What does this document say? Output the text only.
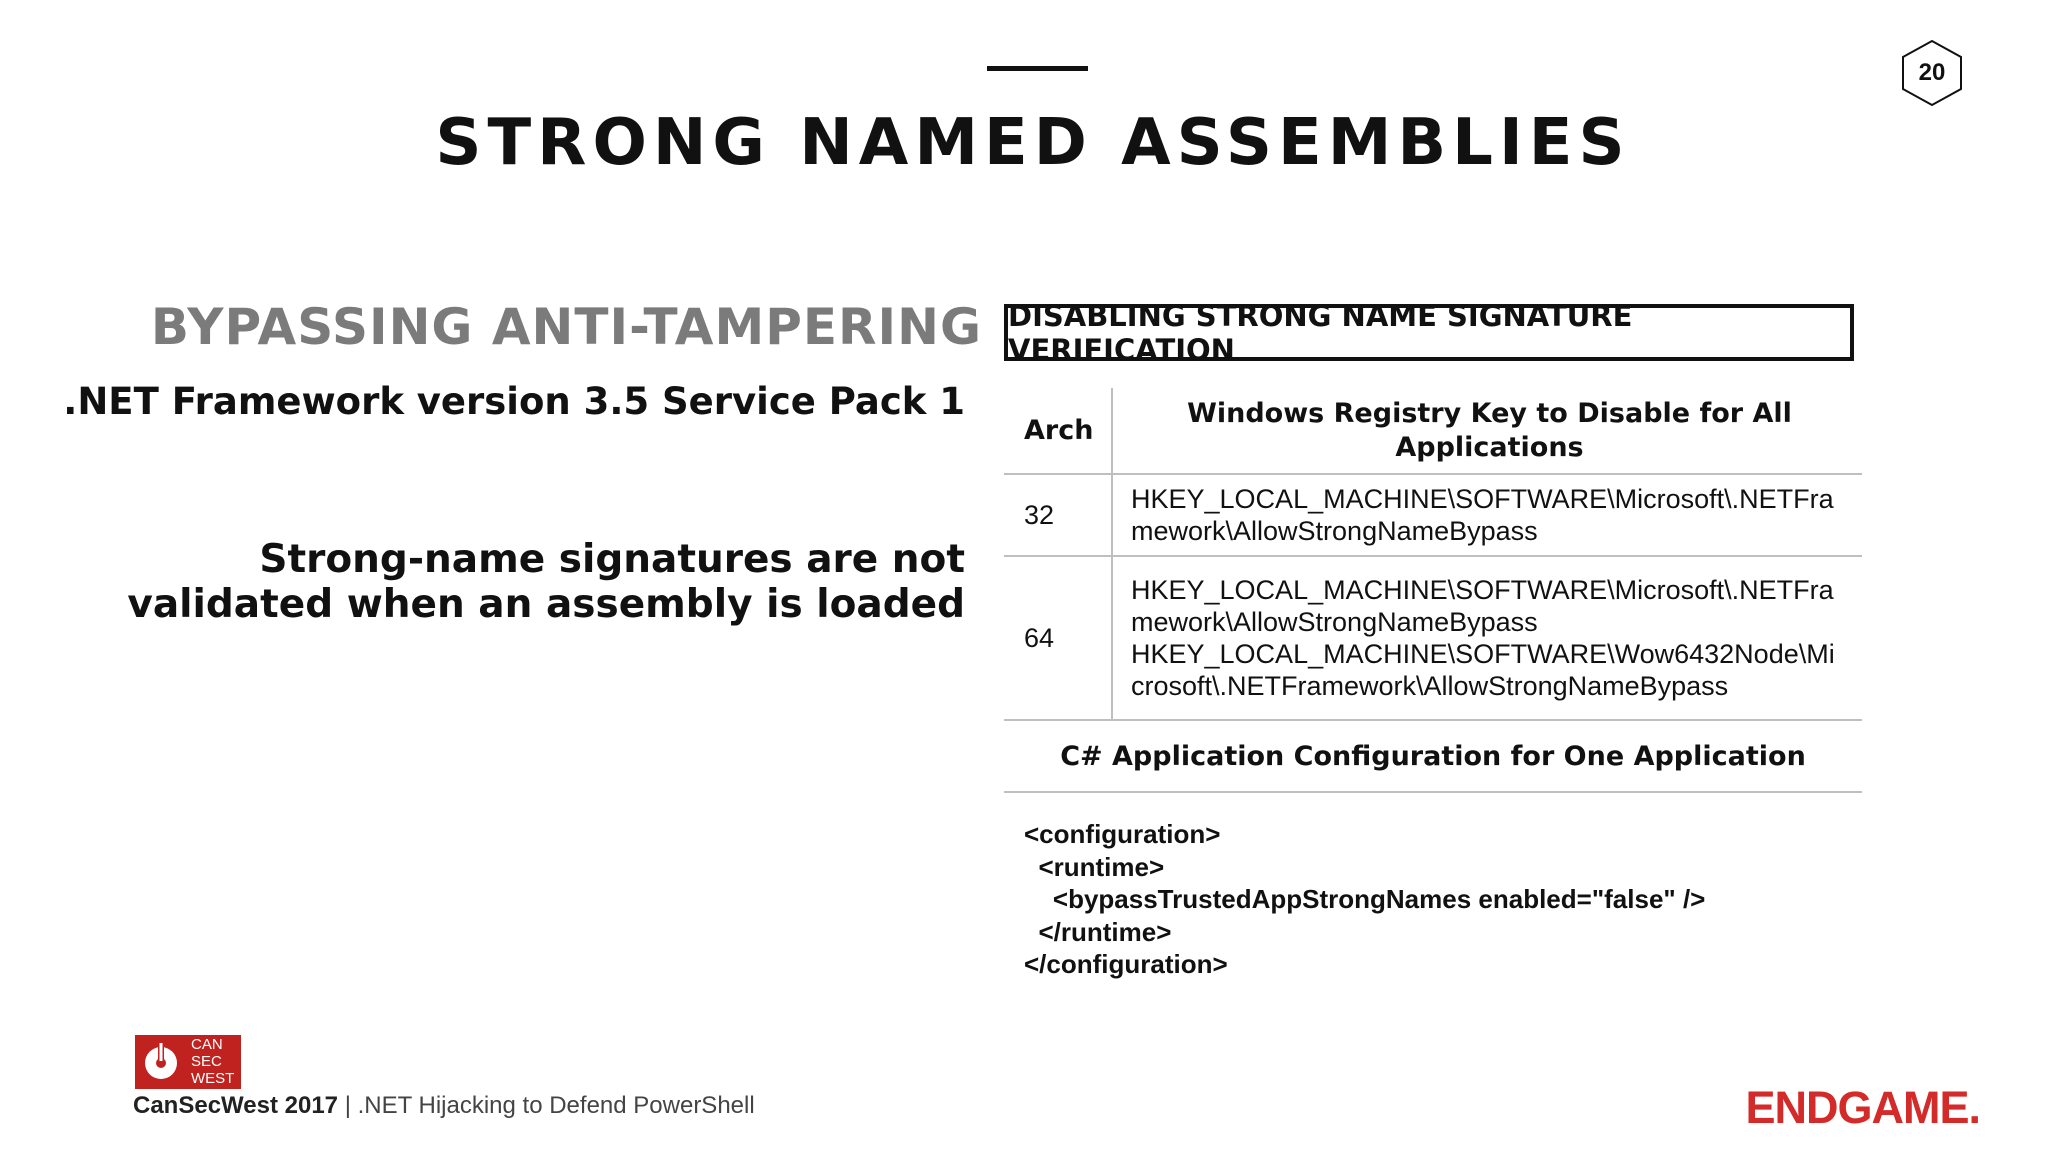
STRONG NAMED ASSEMBLIES
20
BYPASSING ANTI-TAMPERING
.NET Framework version 3.5 Service Pack 1
Strong-name signatures are not
validated when an assembly is loaded
DISABLING STRONG NAME SIGNATURE VERIFICATION
Arch	Windows Registry Key to Disable for All
Applications

32	HKEY_LOCAL_MACHINE\SOFTWARE\Microsoft\.NETFramework\AllowStrongNameBypass

64	HKEY_LOCAL_MACHINE\SOFTWARE\Microsoft\.NETFramework\AllowStrongNameBypass
HKEY_LOCAL_MACHINE\SOFTWARE\Wow6432Node\Microsoft\.NETFramework\AllowStrongNameBypass

C# Application Configuration for One Application	
<configuration>
<runtime>
<bypassTrustedAppStrongNames enabled="false" />
</runtime>
</configuration>
CAN
SEC
WEST
CanSecWest 2017 | .NET Hijacking to Defend PowerShell	ENDGAME.
